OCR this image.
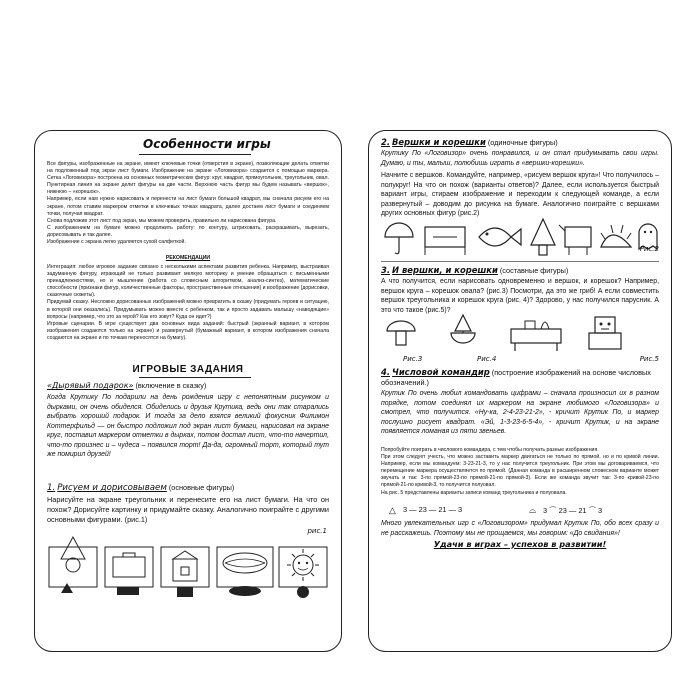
Особенности игры
Все фигуры, изображенные на экране, имеют ключевые точки (отверстия в экране), позволяющие делать отметки на подложенный под экран лист бумаги. Изображение на экране «Логовизора» создается с помощью маркера. Сетка «Логовизора» построена из основных геометрических фигур: круг, квадрат, прямоугольник, треугольник, овал. Пунктирная линия на экране делит фигуры на две части. Верхнюю часть фигур мы будем называть «вершок», нижнюю – «корешок».
Например, если нам нужно нарисовать и перенести на лист бумаги большой квадрат, мы сначала рисуем его на экране, потом ставим маркером отметки в ключевых точках квадрата, далее достаем лист бумаги и соединяем точки, получая квадрат.
Снова подложив этот лист под экран, мы можем проверить, правильно ли нарисована фигура.
С изображением на бумаге можно продолжить работу: по контуру, штриховать, раскрашивать, вырезать, дорисовывать и так далее.
Изображение с экрана легко удаляется сухой салфеткой.
РЕКОМЕНДАЦИИ
Интеграция: любое игровое задание связано с несколькими аспектами развития ребенка. Например, выстраивая задуманную фигуру, играющий не только развивает мелкую моторику и умение обращаться с письменными принадлежностями, но и мышление (работа со словесным алгоритмом, анализ-синтез), математические способности (признаки фигур, количественные факторы, пространственные отношения) и воображение (дорисовки, сказочные сюжеты).
Придумай сказку. Несложно дорисованных изображений можно превратить в сказку (придумать героев и ситуацию, в которой они оказались). Придумывать можно вместе с ребенком, так и просто задавать малышу «наводящие» вопросы (например, что это за герой? Как его зовут? Куда он идет?)
Игровые сценарии. В игре существует два основных вида заданий: быстрый (экранный вариант, в котором изображения создаются только на экране) и развернутый (бумажный вариант, в котором изображения сначала создаются на экране и по точкам переносятся на бумагу).
ИГРОВЫЕ ЗАДАНИЯ
«Дырявый подарок» (включение в сказку)
Когда Крутику По подарили на день рождения игру с непонятным рисунком и дырками, он очень обиделся. Обиделись и друзья Крутика, ведь они так старались выбрать хороший подарок. И тогда за дело взялся великий фокусник Филимон Коттерфильд — он быстро подложил под экран лист бумаги, нарисовал на экране круг, поставил маркером отметки в дырках, потом достал лист, что-то начертил, что-то произнес и – чудеса – появился торт! Да-да, огромный торт, который тут же помирил друзей!
1. Рисуем и дорисовываем (основные фигуры)
Нарисуйте на экране треугольник и перенесите его на лист бумаги. На что он похож? Дорисуйте картинку и придумайте сказку. Аналогично поиграйте с другими основными фигурами. (рис.1)
рис.1
2. Вершки и корешки (одиночные фигуры)
Крутику По «Логовизор» очень понравился, и он стал придумывать свои игры. Думаю, и ты, малыш, полюбишь играть в «вершки-корешки».
Начните с вершков. Командуйте, например, «рисуем вершок круга»! Что получилось – полукруг! На что он похож (варианты ответов)? Далее, если используется быстрый вариант игры, стираем изображение и переходим к следующей команде, а если развернутый – доводим до рисунка на бумаге. Аналогично поиграйте с вершками других основных фигур (рис.2)
Рис.2
3. И вершки, и корешки (составные фигуры)
А что получится, если нарисовать одновременно и вершок, и корешок? Например, вершок круга – корешок овала? (рис.3) Посмотри, да это же гриб! А если совместить вершок треугольника и корешок круга (рис. 4)? Здорово, у нас получился парусник. А это что такое (рис.5)?
Рис.3	Рис.4	Рис.5
4. Числовой командир (построение изображений на основе числовых обозначений.)
Крутик По очень любил командовать цифрами – сначала произносил их в разном порядке, потом соединял их маркером на экране любимого «Логовизора» и смотрел, что получится. «Ну-ка, 2-4-23-21-2», - кричит Крутик По, и маркер послушно рисует квадрат. «Эй, 1-3-23-6-5-4», - кричит Крутик, и на экране появляется ломаная из пяти звеньев.
Попробуйте поиграть в числового командира, с тем чтобы получать разные изображения.
При этом следует учесть, что можно заставить маркер двигаться не только по прямой, но и по кривой линии. Например, если мы командуем: 3-23-21-3, то у нас получится треугольник. При этом мы договариваемся, что перемещение маркера осуществляется по прямой. (Данная команда в расширенном словесном варианте может звучать и так: 3-по прямой-23-по прямой-21-по прямой-3). Если же команда звучит так: 3-по кривой-23-по прямой-21-по кривой-3, то получится полуовал.
На рис. 5 представлены варианты записи команд треугольника и полуовала.
△ 3 — 23 — 21 — 3	⌓ 3 ⌒ 23 — 21 ⌒ 3
Много увлекательных игр с «Логовизором» придумал Крутик По, обо всех сразу и не расскажешь. Поэтому мы не прощаемся, мы говорим: «До свидания»!
Удачи в играх – успехов в развитии!
